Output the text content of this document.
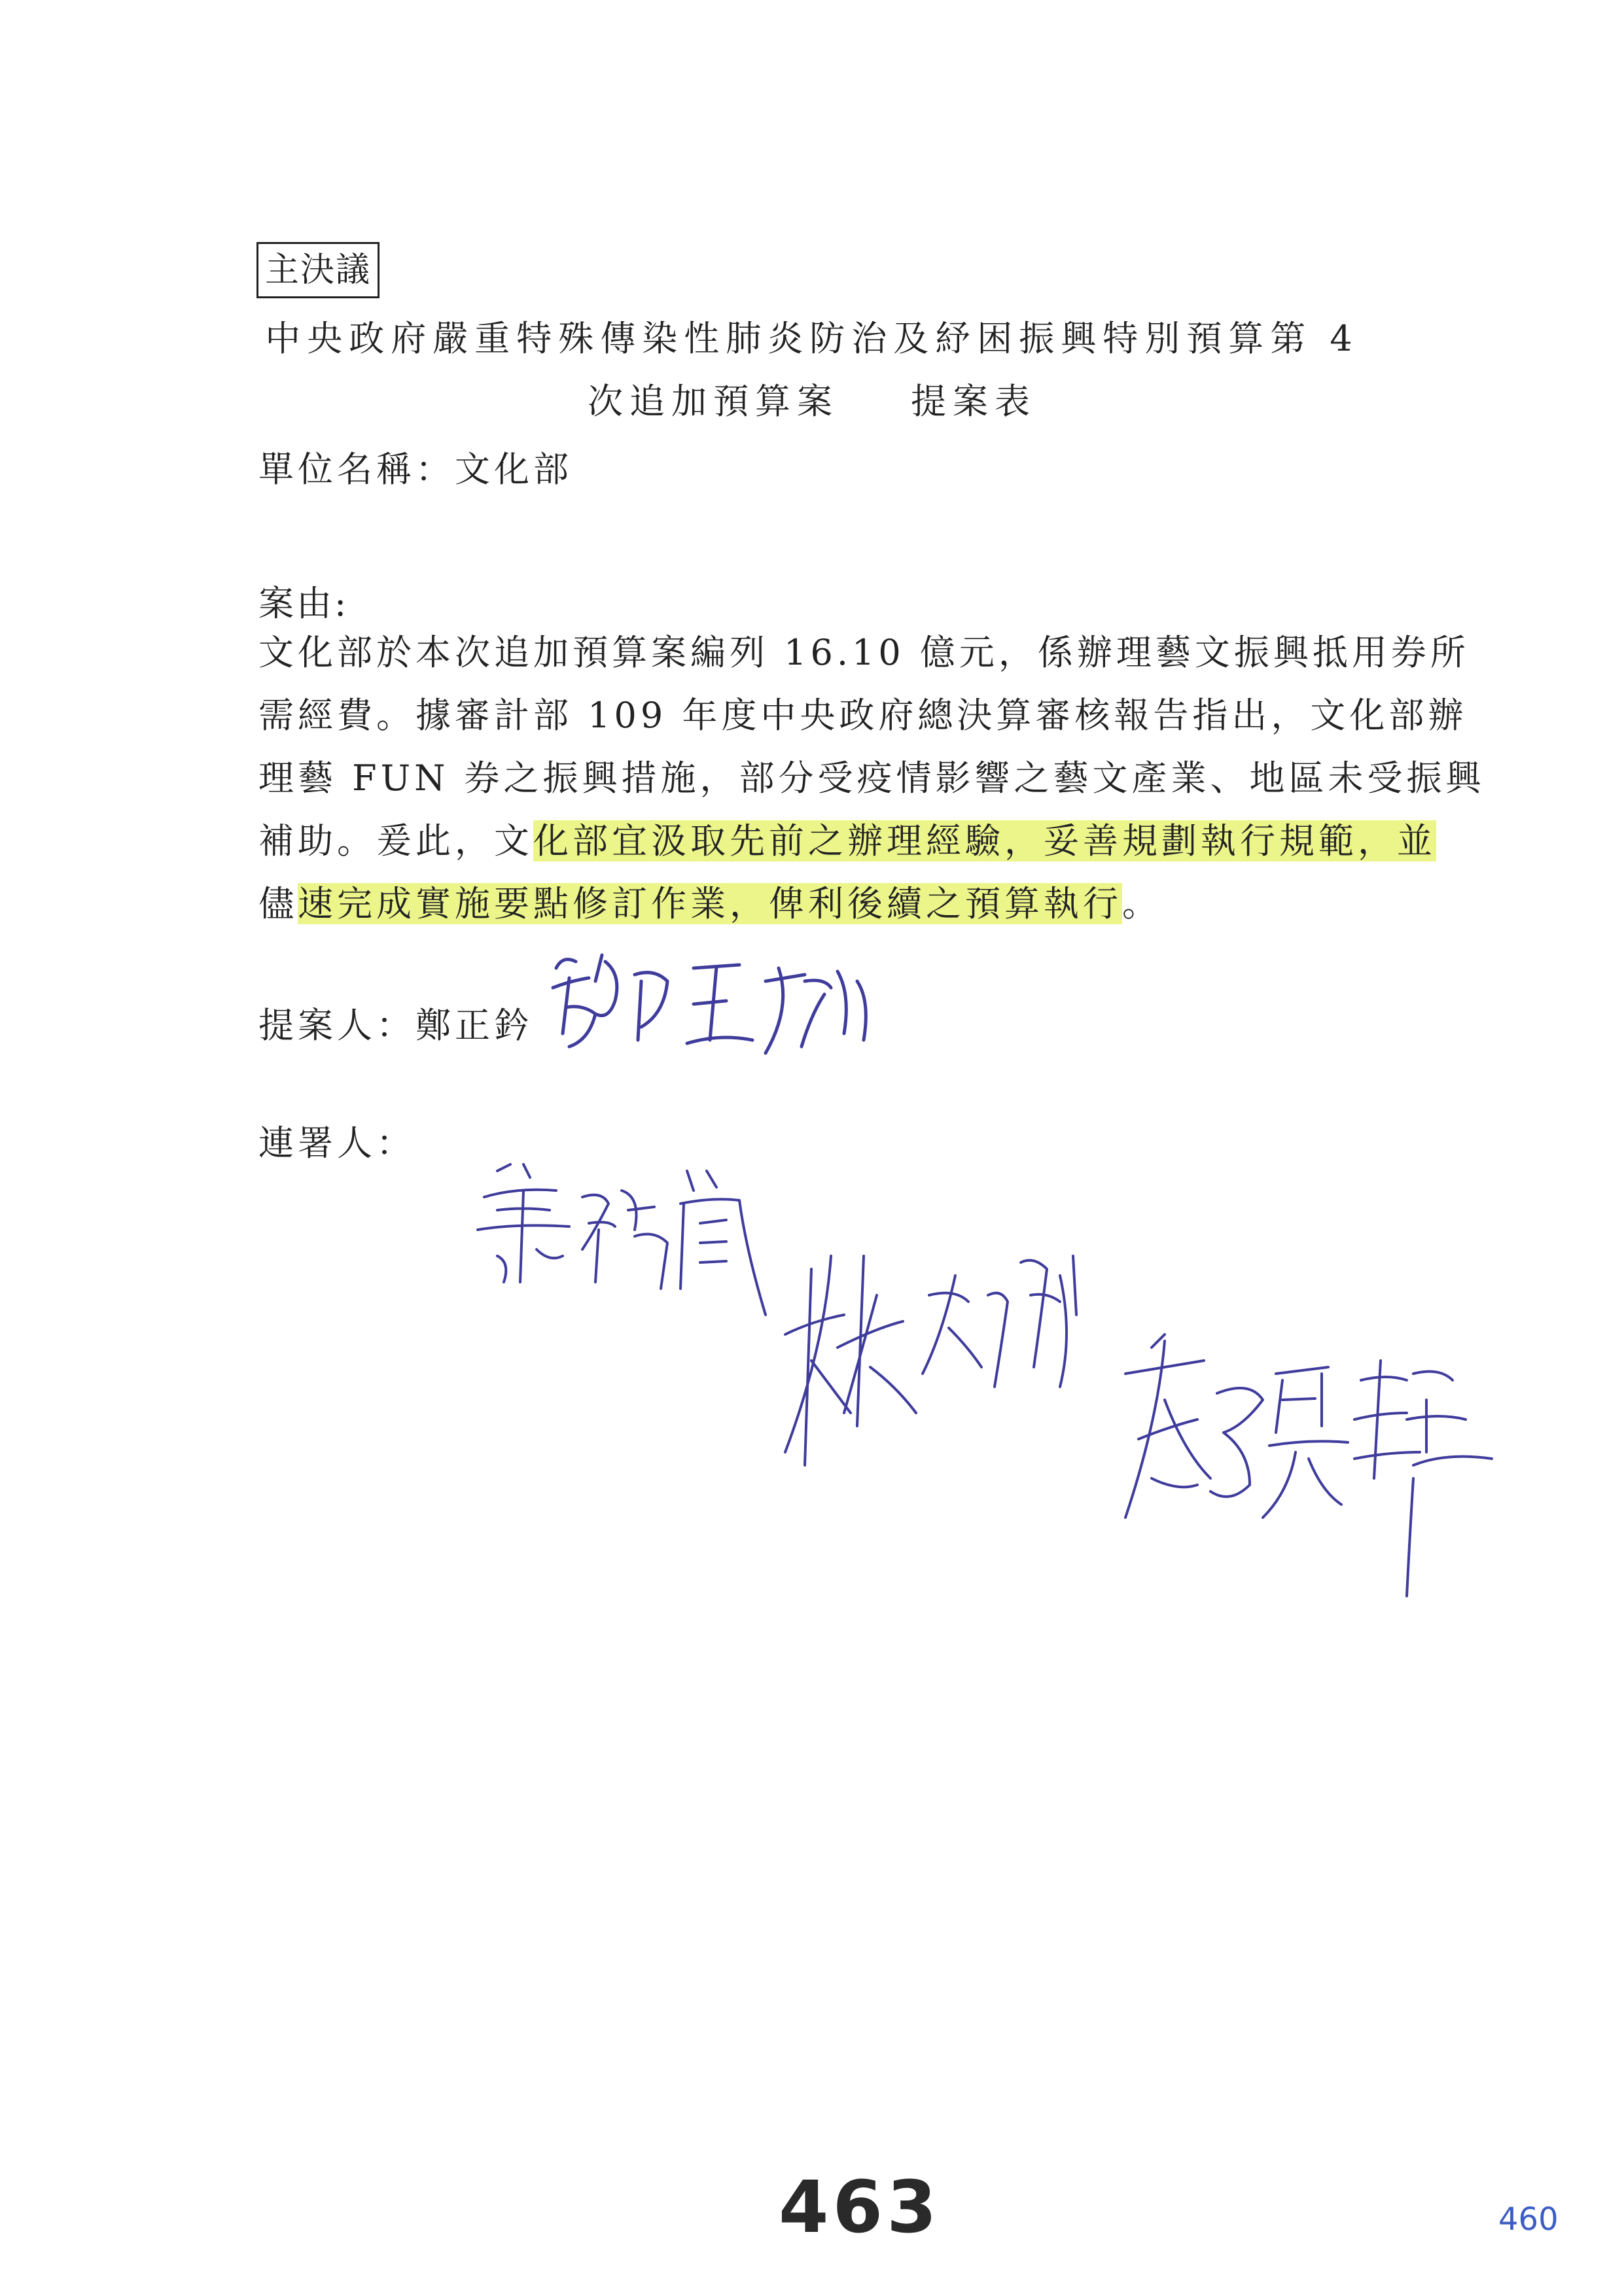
主決議
中央政府嚴重特殊傳染性肺炎防治及紓困振興特別預算第 4
次追加預算案 提案表
單位名稱：文化部
案由:
文化部於本次追加預算案編列 16.10 億元，係辦理藝文振興抵用券所
需經費。據審計部 109 年度中央政府總決算審核報告指出，文化部辦
理藝 FUN 券之振興措施，部分受疫情影響之藝文產業、地區未受振興
補助。爰此，文化部宜汲取先前之辦理經驗，妥善規劃執行規範，並
儘速完成實施要點修訂作業，俾利後續之預算執行。
提案人：鄭正鈐
連署人：
463	460
